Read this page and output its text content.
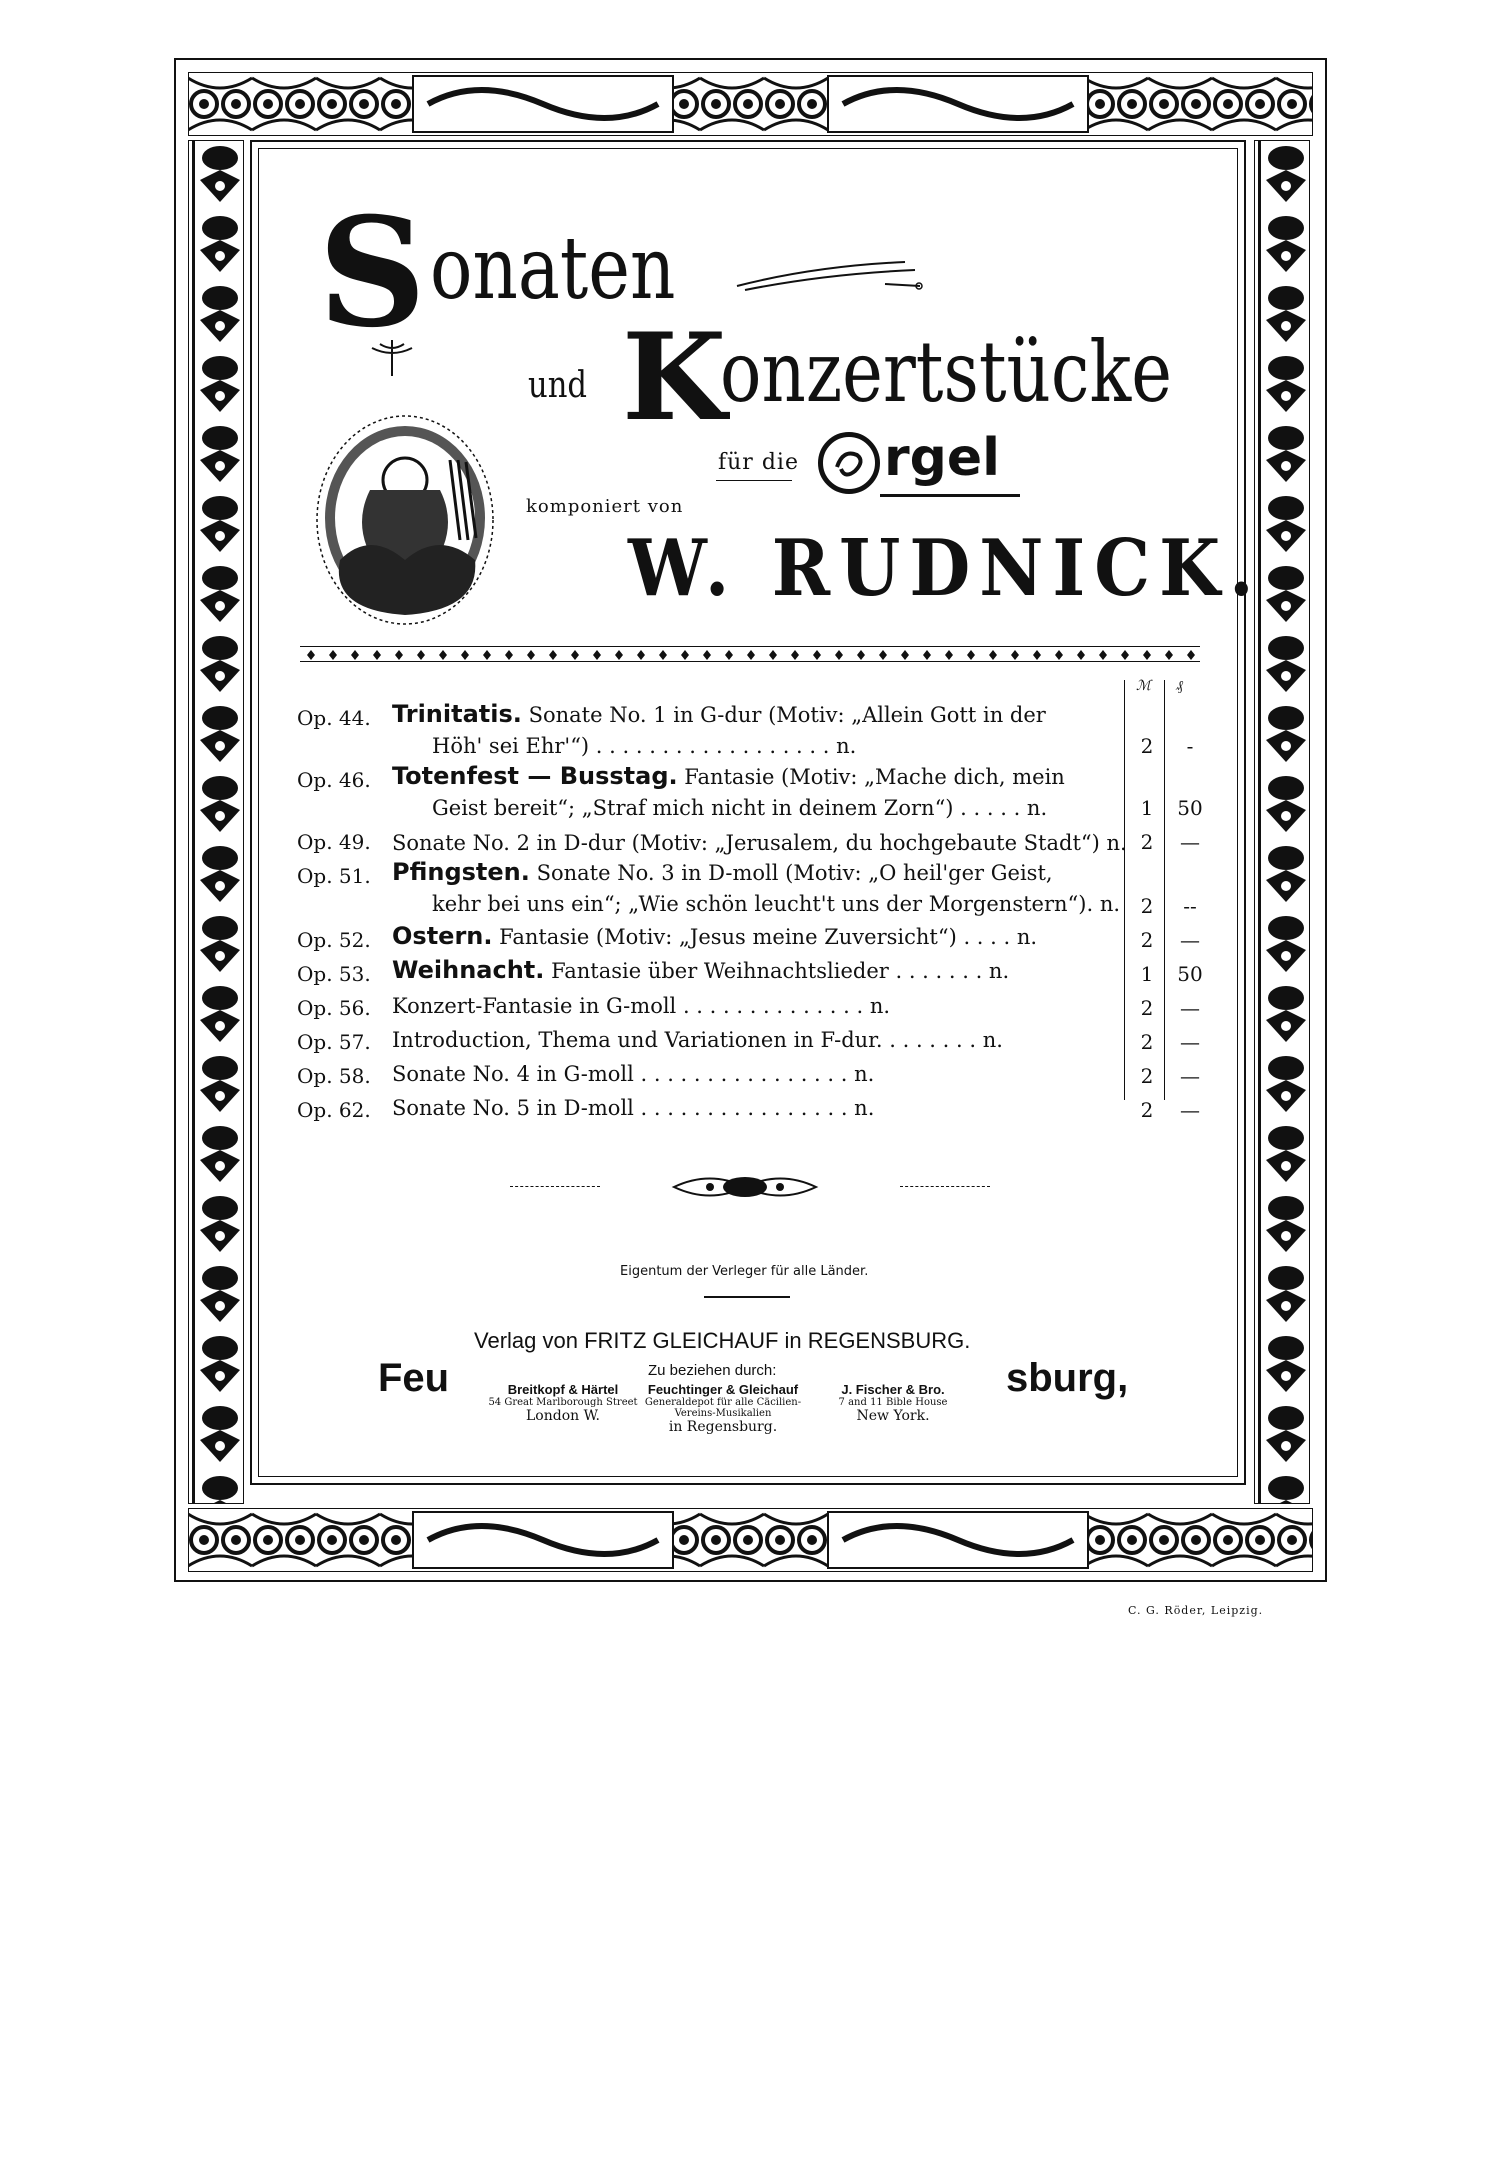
S onaten
und K
onzertstücke
für die
komponiert von
rgel
W. RUDNICK.
ℳ ₰
Op. 44. Trinitatis. Sonate No. 1 in G-dur (Motiv: „Allein Gott in der
Höh' sei Ehr'“) . . . . . . . . . . . . . . . . . . n.	2	-
Op. 46. Totenfest — Busstag. Fantasie (Motiv: „Mache dich, mein
Geist bereit“; „Straf mich nicht in deinem Zorn“) . . . . . n.	1	50
Op. 49. Sonate No. 2 in D-dur (Motiv: „Jerusalem, du hochgebaute Stadt“) n. 2	—
Op. 51. Pfingsten. Sonate No. 3 in D-moll (Motiv: „O heil'ger Geist,
kehr bei uns ein“; „Wie schön leucht't uns der Morgenstern“). n.	2	--
Op. 52. Ostern. Fantasie (Motiv: „Jesus meine Zuversicht“) . . . . n.	2	—
Op. 53. Weihnacht. Fantasie über Weihnachtslieder . . . . . . . n.	1	50
Op. 56. Konzert-Fantasie in G-moll . . . . . . . . . . . . . . n.	2	—
Op. 57. Introduction, Thema und Variationen in F-dur. . . . . . . . n.	2	—
Op. 58. Sonate No. 4 in G-moll . . . . . . . . . . . . . . . . n.	2	—
Op. 62. Sonate No. 5 in D-moll . . . . . . . . . . . . . . . . n.	2	—
Eigentum der Verleger für alle Länder.
Verlag von FRITZ GLEICHAUF in REGENSBURG.
Feu	sburg,
Zu beziehen durch:
Breitkopf & Härtel
54 Great Marlborough Street
London W.
Feuchtinger & Gleichauf
Generaldepot für alle Cäcilien-Vereins-Musikalien
in Regensburg.
J. Fischer & Bro.
7 and 11 Bible House
New York.
C. G. Röder, Leipzig.
